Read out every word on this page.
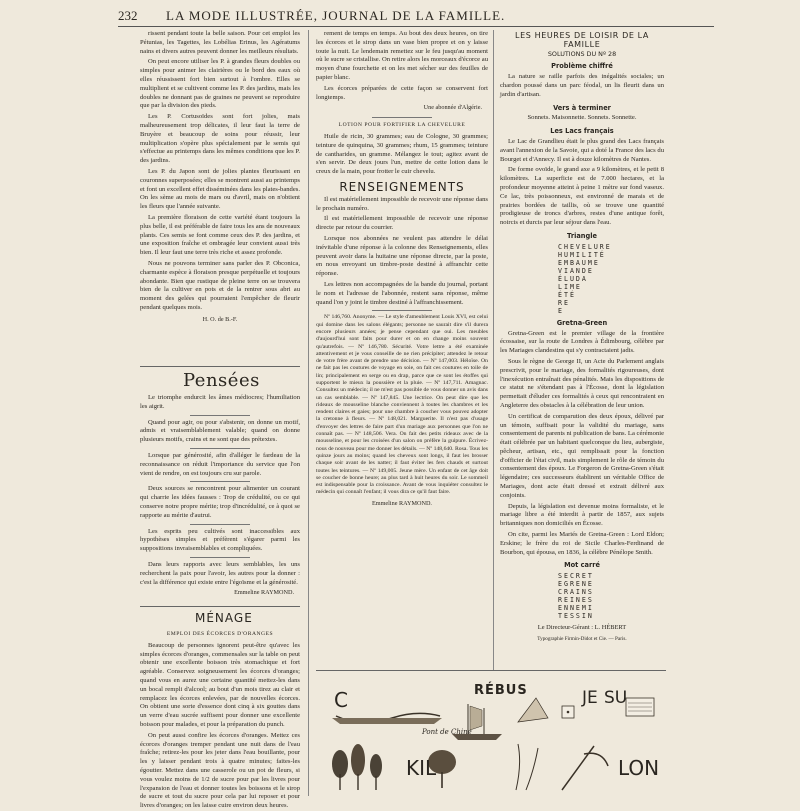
232 LA MODE ILLUSTRÉE, JOURNAL DE LA FAMILLE.

rissent pendant toute la belle saison. Pour cet emploi les Pétunias, les Tagettes, les Lobélias Erinus, les Agératums nains et divers autres peuvent donner les meilleurs résultats.

On peut encore utiliser les P. à grandes fleurs doubles ou simples pour animer les clairières ou le bord des eaux où elles réussissent fort bien surtout à l'ombre. Elles se multiplient et se cultivent comme les P. des jardins, mais les doubles ne donnant pas de graines ne peuvent se reproduire que par la division des pieds.

Les P. Cortusoïdes sont fort jolies, mais malheureusement trop délicates, il leur faut la terre de Bruyère et beaucoup de soins pour réussir, leur multiplication s'opère plus spécialement par le semis qui s'effectue au printemps dans les mêmes conditions que les P. des jardins.

Les P. du Japon sont de jolies plantes fleurissant en couronnes superposées; elles se montrent aussi au printemps et font un excellent effet disséminées dans les plates-bandes. On les sème au mois de mars ou d'avril, mais on n'obtient les fleurs que l'année suivante.

La première floraison de cette variété étant toujours la plus belle, il est préférable de faire tous les ans de nouveaux plants. Ces semis se font comme ceux des P. des jardins, et une exposition fraîche et ombragée leur convient aussi très bien. Il leur faut une terre très riche et assez profonde.

Nous ne pouvons terminer sans parler des P. Obconica, charmante espèce à floraison presque perpétuelle et toujours abondante. Bien que rustique de pleine terre on se trouvera bien de la cultiver en pots et de la rentrer sous abri au moment des gelées qui pourraient l'empêcher de fleurir pendant quelques mois.

H. O. de B.-F.
Pensées

Le triomphe endurcit les âmes médiocres; l'humiliation les aigrit.

Quand pour agir, ou pour s'abstenir, on donne un motif, admis et vraisemblablement valable; quand on donne plusieurs motifs, crains et ne sont que des prétextes.

Lorsque par générosité, afin d'alléger le fardeau de la reconnaissance on réduit l'importance du service que l'on vient de rendre, on est toujours cru sur parole.

Deux sources se rencontrent pour alimenter un courant qui charrie les idées fausses : Trop de crédulité, ou ce qui conserve notre propre mérite; trop d'incrédulité, ce à quoi se rapporte au mérite d'autrui.

Les esprits peu cultivés sont inaccessibles aux hypothèses simples et préfèrent s'égarer parmi les suppositions invraisemblables et compliquées.

Dans leurs rapports avec leurs semblables, les uns recherchent la paix pour l'avoir, les autres pour la donner : c'est la différence qui existe entre l'égoïsme et la générosité.

Emmeline RAYMOND.
MÉNAGE
EMPLOI DES ÉCORCES D'ORANGES

Beaucoup de personnes ignorent peut-être qu'avec les simples écorces d'oranges, commensales sur la table on peut obtenir une excellente boisson très stomachique et fort agréable. Conservez soigneusement les écorces d'oranges; quand vous en aurez une certaine quantité mettez-les dans un bocal rempli d'alcool; au bout d'un mois tirez au clair et remplacez les écorces enlevées, par de nouvelles écorces. On obtient une sorte d'essence dont cinq à six gouttes dans un verre d'eau sucrée suffisent pour donner une excellente boisson pour malades, et pour la préparation du punch.

On peut aussi confire les écorces d'oranges. Mettez ces écorces d'oranges tremper pendant une nuit dans de l'eau fraîche; retirez-les pour les jeter dans l'eau bouillante, pour les y laisser pendant trois à quatre minutes; faites-les égoutter. Mettez dans une casserole ou un pot de fleurs, si vous voulez moins de 1/2 de sucre pour par les livres pour l'expansion de l'eau et donner toutes les boissons et le sirop de sucre et tout du sucre pour cela par lui reposer et pour livres d'oranges; on les laisse cuire environ deux heures.

rement de temps en temps. Au bout des deux heures, on tire les écorces et le sirop dans un vase bien propre et on y laisse toute la nuit. Le lendemain remettez sur le feu jusqu'au moment où le sucre se cristallise. On retire alors les morceaux d'écorce au moyen d'une fourchette et on les met sécher sur des feuilles de papier blanc.

Les écorces préparées de cette façon se conservent fort longtemps.

Une abonnée d'Algérie.
LOTION POUR FORTIFIER LA CHEVELURE

Huile de ricin, 30 grammes; eau de Cologne, 30 grammes; teinture de quinquina, 30 grammes; rhum, 15 grammes; teinture de cantharides, un gramme. Mélangez le tout; agitez avant de s'en servir. De deux jours l'un, mettre de cette lotion dans le creux de la main, pour frotter le cuir chevelu.

RENSEIGNEMENTS

Il est matériellement impossible de recevoir une réponse dans le prochain numéro.

Il est matériellement impossible de recevoir une réponse directe par retour du courrier.

Lorsque nos abonnées ne veulent pas attendre le délai inévitable d'une réponse à la colonne des Renseignements, elles peuvent avoir dans la huitaine une réponse directe, par la poste, en nous envoyant un timbre-poste destiné à affranchir cette réponse.

Les lettres non accompagnées de la bande du journal, portant le nom et l'adresse de l'abonnée, restent sans réponse, même quand l'on y joint le timbre destiné à l'affranchissement.

Nº 146,760. Anonyme. — Le style d'ameublement Louis XVI, est celui qui domine dans les salons élégants; personne ne saurait dire s'il durera encore plusieurs années; je pense cependant que oui. Les meubles d'aujourd'hui sont faits pour durer et on en change moins souvent qu'autrefois. — Nº 146,780. Sécurité. Votre lettre a été examinée attentivement et je vous conseille de ne rien précipiter; attendez le retour de votre frère avant de prendre une décision. — Nº 147,003. Héloïse. On ne fait pas les coutures de voyage en soie, on fait ces coutures en toile de lin; principalement en serge ou en drap, parce que ce sont les étoffes qui supportent le mieux la poussière et la pluie. — Nº 147,711. Amagnac. Consultez un médecin; il ne m'est pas possible de vous donner un avis dans un cas semblable. — Nº 147,845. Une lectrice. On peut dire que les rideaux de mousseline blanche conviennent à toutes les chambres et les rendent claires et gaies; pour une chambre à coucher vous pouvez adopter la cretonne à fleurs. — Nº 148,021. Marguerite. Il n'est pas d'usage d'envoyer des lettres de faire part d'un mariage aux personnes que l'on ne connaît pas. — Nº 148,506. Vera. On fait des petits rideaux avec de la mousseline, et pour les croisées d'un salon on préfère la guipure. Écrivez-nous de nouveau pour me donner les détails. — Nº 148,640. Rosa. Tous les quinze jours au moins; quand les cheveux sont longs, il faut les brosser chaque soir avant de les natter; il faut éviter les fers chauds et surtout toutes les teintures. — Nº 149,005. Jeune mère. Un enfant de cet âge doit se coucher de bonne heure; au plus tard à huit heures du soir. Le sommeil est indispensable pour la croissance. Avant de vous inquiéter consultez le médecin qui connaît l'enfant; il vous dira ce qu'il faut faire.

Emmeline RAYMOND.
LES HEURES DE LOISIR DE LA FAMILLE
SOLUTIONS DU Nº 28
Problème chiffré

La nature se raille parfois des inégalités sociales; un chardon poussé dans un parc féodal, un lis fleurit dans un jardin d'artisan.

Vers à terminer

Sonnets. Maisonnette. Sonnets. Sonnette.

Les Lacs français

Le Lac de Grandlieu était le plus grand des Lacs français avant l'annexion de la Savoie, qui a doté la France des lacs du Bourget et d'Annecy. Il est à douze kilomètres de Nantes.

De forme ovoïde, le grand axe a 9 kilomètres, et le petit 8 kilomètres. La superficie est de 7.000 hectares, et la profondeur moyenne atteint à peine 1 mètre sur fond vaseux. Ce lac, très poissonneux, est environné de marais et de prairies bordées de taillis, où se trouve une quantité prodigieuse de troncs d'arbres, restes d'une antique forêt, noircis et durcis par leur séjour dans l'eau.

Triangle
CHEVELURE
HUMILITÉ
EMBAUME
VIANDE
ÉLUDA
LIME
ÉTÉ
RE
E
Gretna-Green

Gretna-Green est le premier village de la frontière écossaise, sur la route de Londres à Édimbourg, célèbre par les Mariages clandestins qui s'y contractaient jadis.

Sous le règne de George II, un Acte du Parlement anglais prescrivit, pour le mariage, des formalités rigoureuses, dont l'inexécution entraînait des pénalités. Mais les dispositions de ce statut ne s'étendant pas à l'Écosse, dont la législation permettait d'éluder ces formalités à ceux qui rencontraient en Angleterre des obstacles à la célébration de leur union.

Un certificat de comparution des deux époux, délivré par un témoin, suffisait pour la validité du mariage, sans consentement de parents ni publication de bans. La cérémonie était célébrée par un habitant quelconque du lieu, aubergiste, pêcheur, artisan, etc., qui remplissait pour la fonction d'officier de l'état civil, mais simplement le rôle de témoin du consentement des époux. Le Forgeron de Gretna-Green s'était légendaire; ces successeurs établirent un véritable Office de Mariages, dont acte était dressé et extrait délivré aux conjoints.

Depuis, la législation est devenue moins formaliste, et le mariage libre a été interdit à partir de 1857, aux sujets britanniques non domiciliés en Écosse.

On cite, parmi les Mariés de Gretna-Green : Lord Eldon; Erskine; le frère du roi de Sicile Charles-Ferdinand de Bourbon, qui épousa, en 1836, la célèbre Pénélope Smith.

Mot carré
SECRET
EGRENE
CRAINS
REINES
ENNEMI
TESSIN
Le Directeur-Gérant : L. HÉBERT
Typographie Firmin-Didot et Cie. — Paris.
RÉBUS
C	JE SU
KIL	LON
Pont de Chine
